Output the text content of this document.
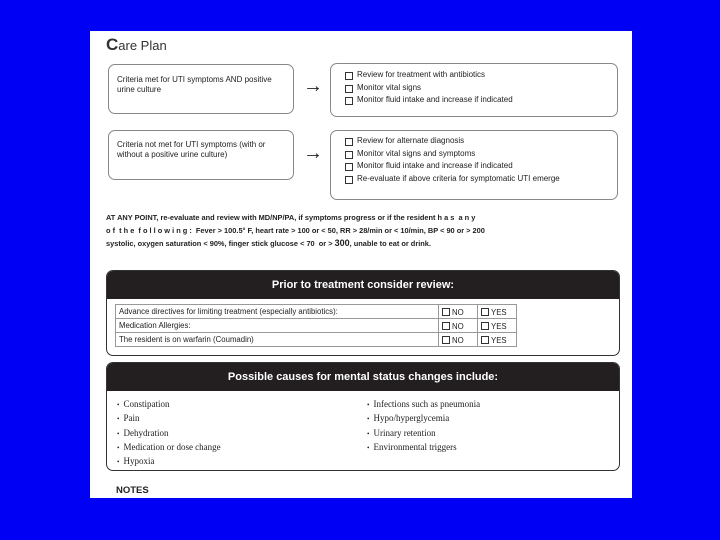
Care Plan
Criteria met for UTI symptoms AND positive urine culture	→
Review for treatment with antibiotics
Monitor vital signs
Monitor fluid intake and increase if indicated
Criteria not met for UTI symptoms (with or without a positive urine culture)	→
Review for alternate diagnosis
Monitor vital signs and symptoms
Monitor fluid intake and increase if indicated
Re-evaluate if above criteria for symptomatic UTI emerge
AT ANY POINT, re-evaluate and review with MD/NP/PA, if symptoms progress or if the resident h a s  a n y
o f  t h e  f o l l o w i n g :  Fever > 100.5° F, heart rate > 100 or < 50, RR > 28/min or < 10/min, BP < 90 or > 200
systolic, oxygen saturation < 90%, finger stick glucose < 70  or > 300, unable to eat or drink.
Prior to treatment consider review:
Advance directives for limiting treatment (especially antibiotics):	NO	YES
Medication Allergies:	NO	YES
The resident is on warfarin (Coumadin)	NO	YES
Possible causes for mental status changes include:
• Constipation	• Infections such as pneumonia
• Pain	• Hypo/hyperglycemia
• Dehydration	• Urinary retention
• Medication or dose change	• Environmental triggers
• Hypoxia
NOTES
